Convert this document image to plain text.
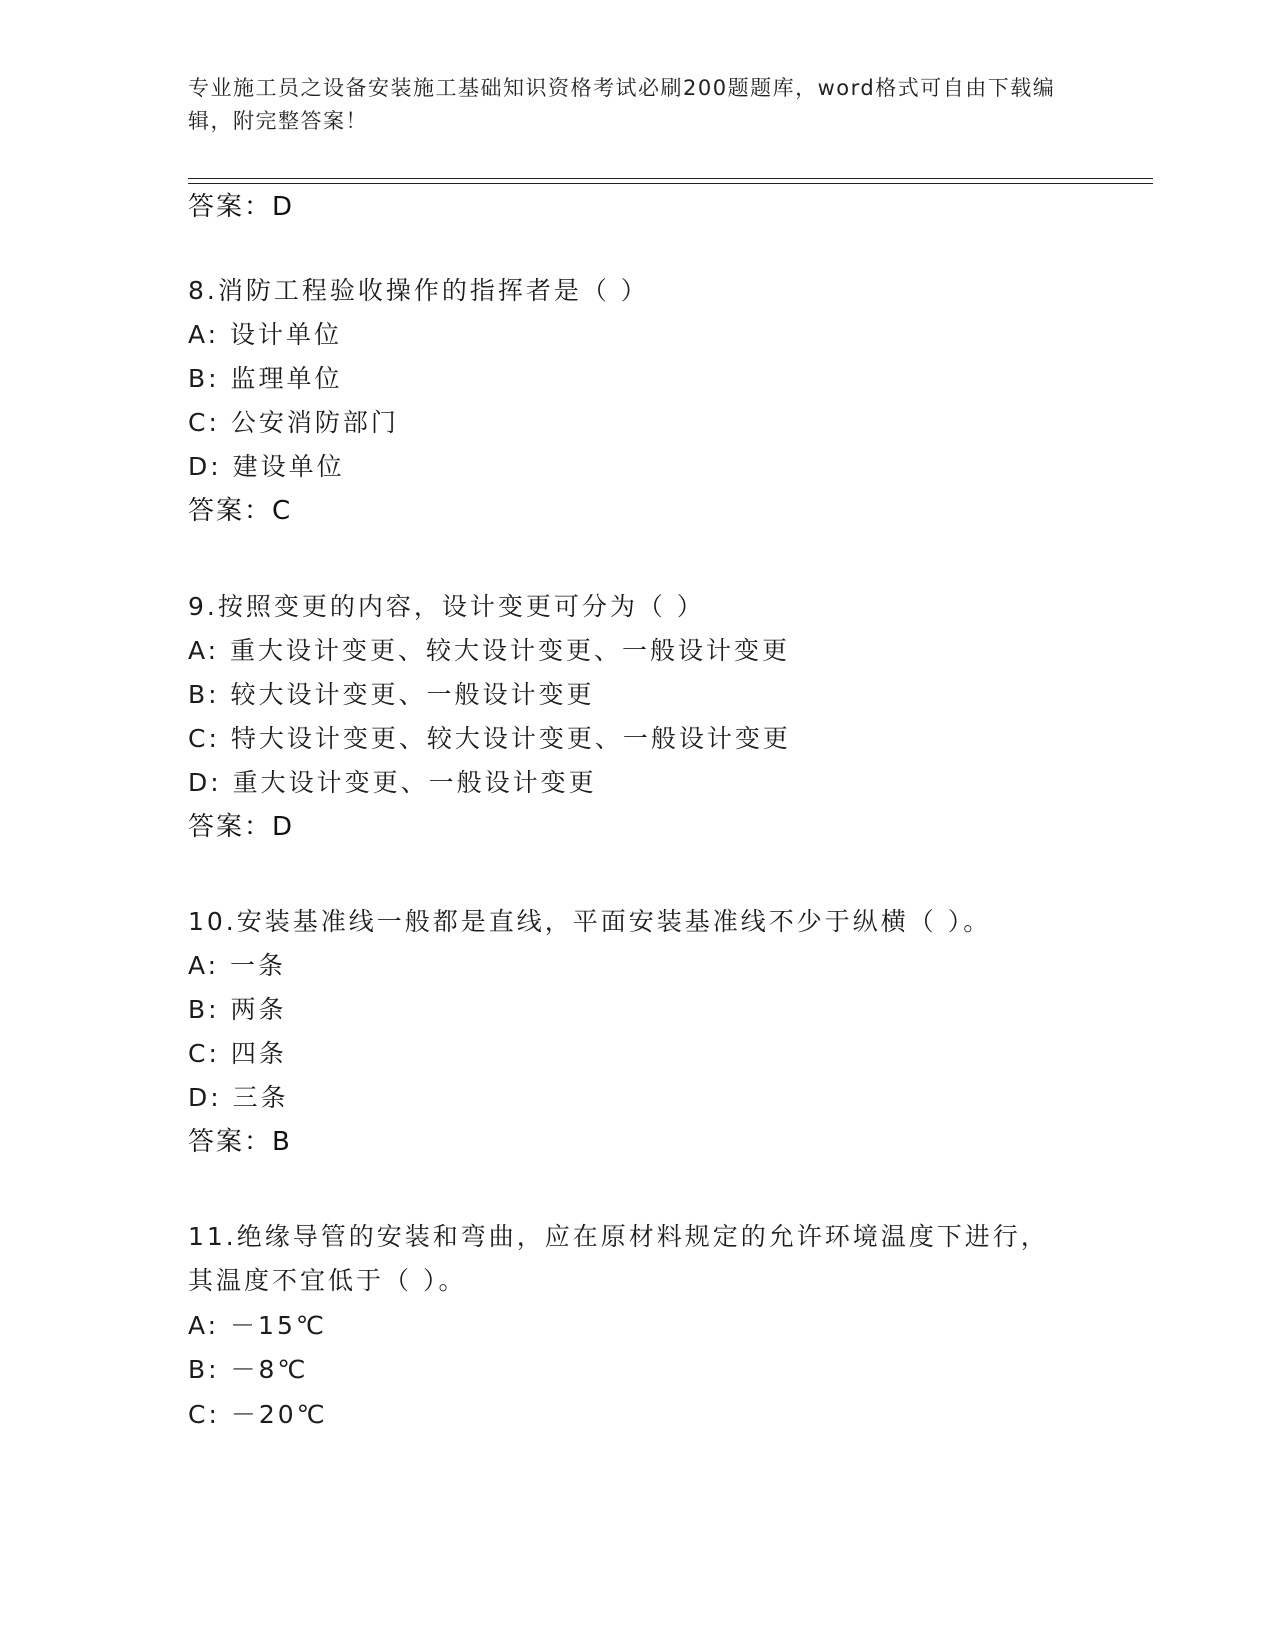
专业施工员之设备安装施工基础知识资格考试必刷200题题库，word格式可自由下载编辑，附完整答案！
答案：D
8.消防工程验收操作的指挥者是（ ）
A: 设计单位
B: 监理单位
C: 公安消防部门
D: 建设单位
答案：C
9.按照变更的内容，设计变更可分为（ ）
A: 重大设计变更、较大设计变更、一般设计变更
B: 较大设计变更、一般设计变更
C: 特大设计变更、较大设计变更、一般设计变更
D: 重大设计变更、一般设计变更
答案：D
10.安装基准线一般都是直线，平面安装基准线不少于纵横（ ）。
A: 一条
B: 两条
C: 四条
D: 三条
答案：B
11.绝缘导管的安装和弯曲，应在原材料规定的允许环境温度下进行，
其温度不宜低于（ ）。
A: －15℃
B: －8℃
C: －20℃
